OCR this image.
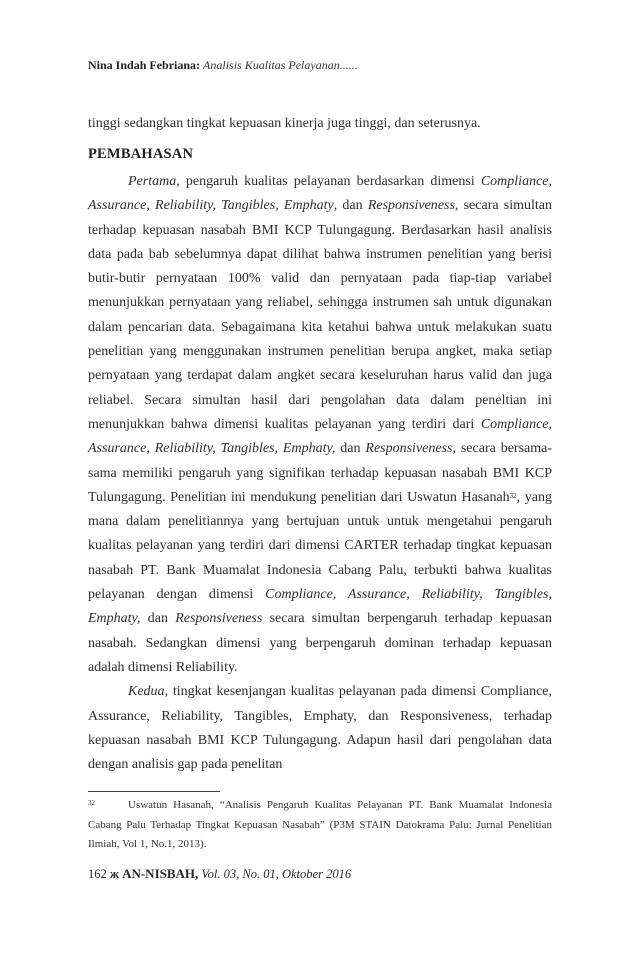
Nina Indah Febriana: Analisis Kualitas Pelayanan......

tinggi sedangkan tingkat kepuasan kinerja juga tinggi, dan seterusnya.

PEMBAHASAN

Pertama, pengaruh kualitas pelayanan berdasarkan dimensi Compliance, Assurance, Reliability, Tangibles, Emphaty, dan Responsiveness, secara simultan terhadap kepuasan nasabah BMI KCP Tulungagung. Berdasarkan hasil analisis data pada bab sebelumnya dapat dilihat bahwa instrumen penelitian yang berisi butir-butir pernyataan 100% valid dan pernyataan pada tiap-tiap variabel menunjukkan pernyataan yang reliabel, sehingga instrumen sah untuk digunakan dalam pencarian data. Sebagaimana kita ketahui bahwa untuk melakukan suatu penelitian yang menggunakan instrumen penelitian berupa angket, maka setiap pernyataan yang terdapat dalam angket secara keseluruhan harus valid dan juga reliabel. Secara simultan hasil dari pengolahan data dalam peneltian ini menunjukkan bahwa dimensi kualitas pelayanan yang terdiri dari Compliance, Assurance, Reliability, Tangibles, Emphaty, dan Responsiveness, secara bersama-sama memiliki pengaruh yang signifikan terhadap kepuasan nasabah BMI KCP Tulungagung. Penelitian ini mendukung penelitian dari Uswatun Hasanah$^{32}$, yang mana dalam penelitiannya yang bertujuan untuk untuk mengetahui pengaruh kualitas pelayanan yang terdiri dari dimensi CARTER terhadap tingkat kepuasan nasabah PT. Bank Muamalat Indonesia Cabang Palu, terbukti bahwa kualitas pelayanan dengan dimensi Compliance, Assurance, Reliability, Tangibles, Emphaty, dan Responsiveness secara simultan berpengaruh terhadap kepuasan nasabah. Sedangkan dimensi yang berpengaruh dominan terhadap kepuasan adalah dimensi Reliability.

Kedua, tingkat kesenjangan kualitas pelayanan pada dimensi Compliance, Assurance, Reliability, Tangibles, Emphaty, dan Responsiveness, terhadap kepuasan nasabah BMI KCP Tulungagung. Adapun hasil dari pengolahan data dengan analisis gap pada penelitan

$^{32}$	Uswatun Hasanah, “Analisis Pengaruh Kualitas Pelayanan PT. Bank Muamalat Indonesia Cabang Palu Terhadap Tingkat Kepuasan Nasabah” (P3M STAIN Datokrama Palu: Jurnal Penelitian Ilmiah, Vol 1, No.1, 2013).
162 ж AN-NISBAH, Vol. 03, No. 01, Oktober 2016
